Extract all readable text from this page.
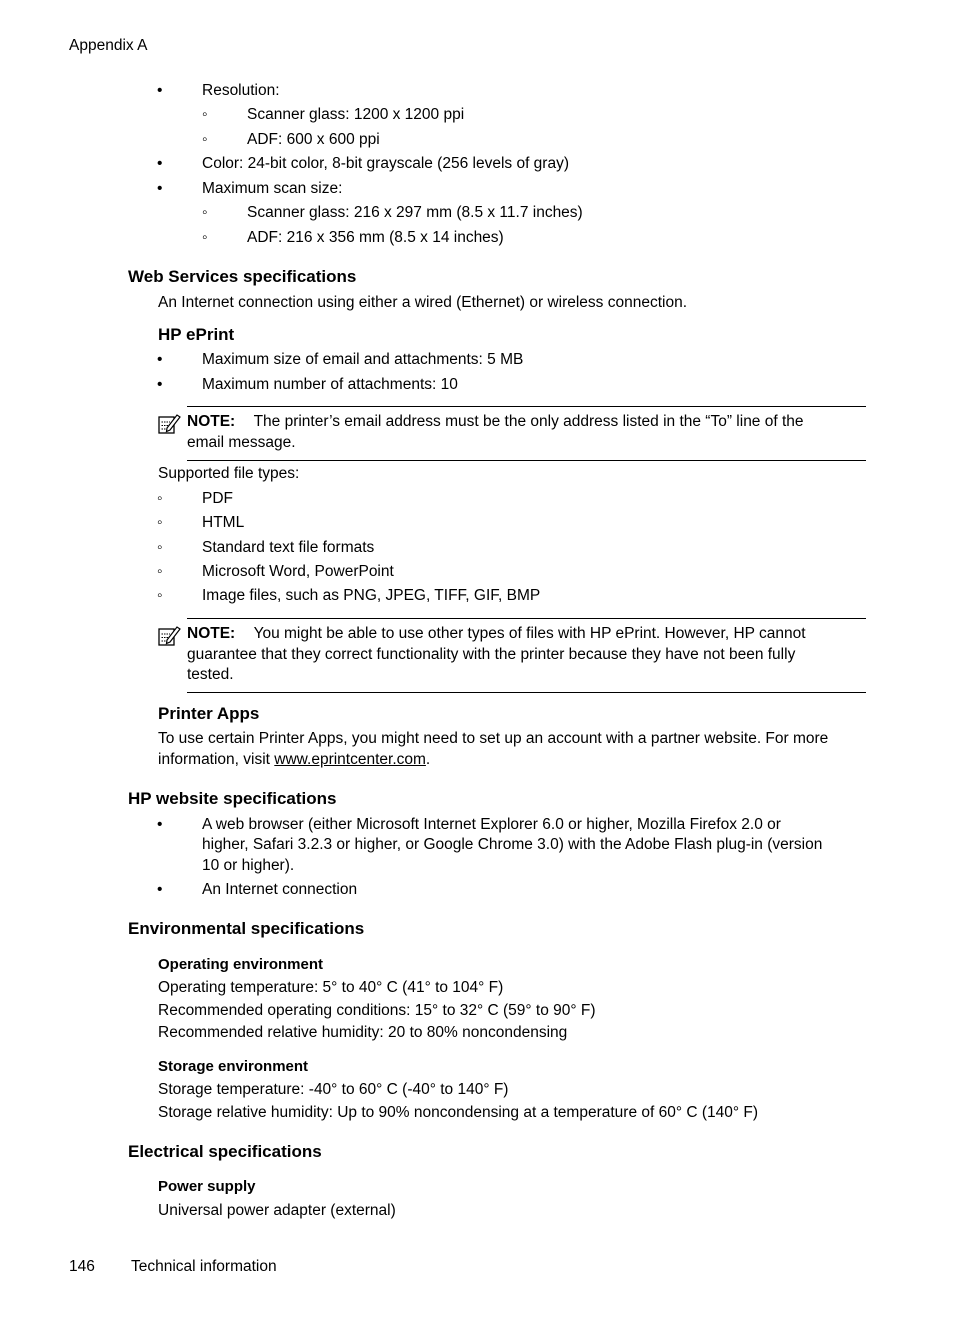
Appendix A
•	Resolution:
◦	Scanner glass: 1200 x 1200 ppi
◦	ADF: 600 x 600 ppi
•	Color: 24-bit color, 8-bit grayscale (256 levels of gray)
•	Maximum scan size:
◦	Scanner glass: 216 x 297 mm (8.5 x 11.7 inches)
◦	ADF: 216 x 356 mm (8.5 x 14 inches)
Web Services specifications
An Internet connection using either a wired (Ethernet) or wireless connection.
HP ePrint
•	Maximum size of email and attachments: 5 MB
•	Maximum number of attachments: 10
NOTE: The printer’s email address must be the only address listed in the “To” line of the
email message.
Supported file types:
◦	PDF
◦	HTML
◦	Standard text file formats
◦	Microsoft Word, PowerPoint
◦	Image files, such as PNG, JPEG, TIFF, GIF, BMP
NOTE: You might be able to use other types of files with HP ePrint. However, HP cannot
guarantee that they correct functionality with the printer because they have not been fully
tested.
Printer Apps
To use certain Printer Apps, you might need to set up an account with a partner website. For more
information, visit www.eprintcenter.com.
HP website specifications
•	A web browser (either Microsoft Internet Explorer 6.0 or higher, Mozilla Firefox 2.0 or
higher, Safari 3.2.3 or higher, or Google Chrome 3.0) with the Adobe Flash plug-in (version
10 or higher).
•	An Internet connection
Environmental specifications
Operating environment
Operating temperature: 5° to 40° C (41° to 104° F)
Recommended operating conditions: 15° to 32° C (59° to 90° F)
Recommended relative humidity: 20 to 80% noncondensing
Storage environment
Storage temperature: -40° to 60° C (-40° to 140° F)
Storage relative humidity: Up to 90% noncondensing at a temperature of 60° C (140° F)
Electrical specifications
Power supply
Universal power adapter (external)
146 Technical information
